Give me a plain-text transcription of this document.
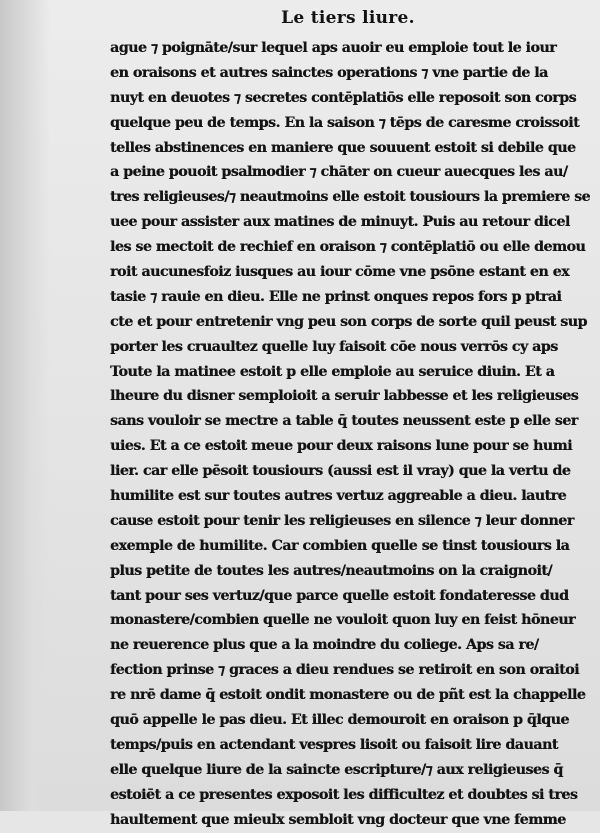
Le tiers liure.
ague ⁊ poignāte/sur lequel aps auoir eu emploie tout le iour
en oraisons et autres sainctes operations ⁊ vne partie de la
nuyt en deuotes ⁊ secretes contēplatiōs elle reposoit son corps
quelque peu de temps. En la saison ⁊ tēps de caresme croissoit
telles abstinences en maniere que souuent estoit si debile que
a peine pouoit psalmodier ⁊ chāter on cueur auecques les au/
tres religieuses/⁊ neautmoins elle estoit tousiours la premiere se
uee pour assister aux matines de minuyt. Puis au retour dicel
les se mectoit de rechief en oraison ⁊ contēplatiō ou elle demou
roit aucunesfoiz iusques au iour cōme vne psōne estant en ex
tasie ⁊ rauie en dieu. Elle ne prinst onques repos fors p ptrai
cte et pour entretenir vng peu son corps de sorte quil peust sup
porter les cruaultez quelle luy faisoit cōe nous verrōs cy aps
Toute la matinee estoit p elle emploie au seruice diuin. Et a
lheure du disner semploioit a seruir labbesse et les religieuses
sans vouloir se mectre a table q̄ toutes neussent este p elle ser
uies. Et a ce estoit meue pour deux raisons lune pour se humi
lier. car elle pēsoit tousiours (aussi est il vray) que la vertu de
humilite est sur toutes autres vertuz aggreable a dieu. lautre
cause estoit pour tenir les religieuses en silence ⁊ leur donner
exemple de humilite. Car combien quelle se tinst tousiours la
plus petite de toutes les autres/neautmoins on la craignoit/
tant pour ses vertuz/que parce quelle estoit fondateresse dud
monastere/combien quelle ne vouloit quon luy en feist hōneur
ne reuerence plus que a la moindre du coliege. Aps sa re/
fection prinse ⁊ graces a dieu rendues se retiroit en son oraitoi
re nrē dame q̄ estoit ondit monastere ou de pñt est la chappelle
quō appelle le pas dieu. Et illec demouroit en oraison p q̄lque
temps/puis en actendant vespres lisoit ou faisoit lire dauant
elle quelque liure de la saincte escripture/⁊ aux religieuses q̄
estoiēt a ce presentes exposoit les difficultez et doubtes si tres
haultement que mieulx sembloit vng docteur que vne femme
